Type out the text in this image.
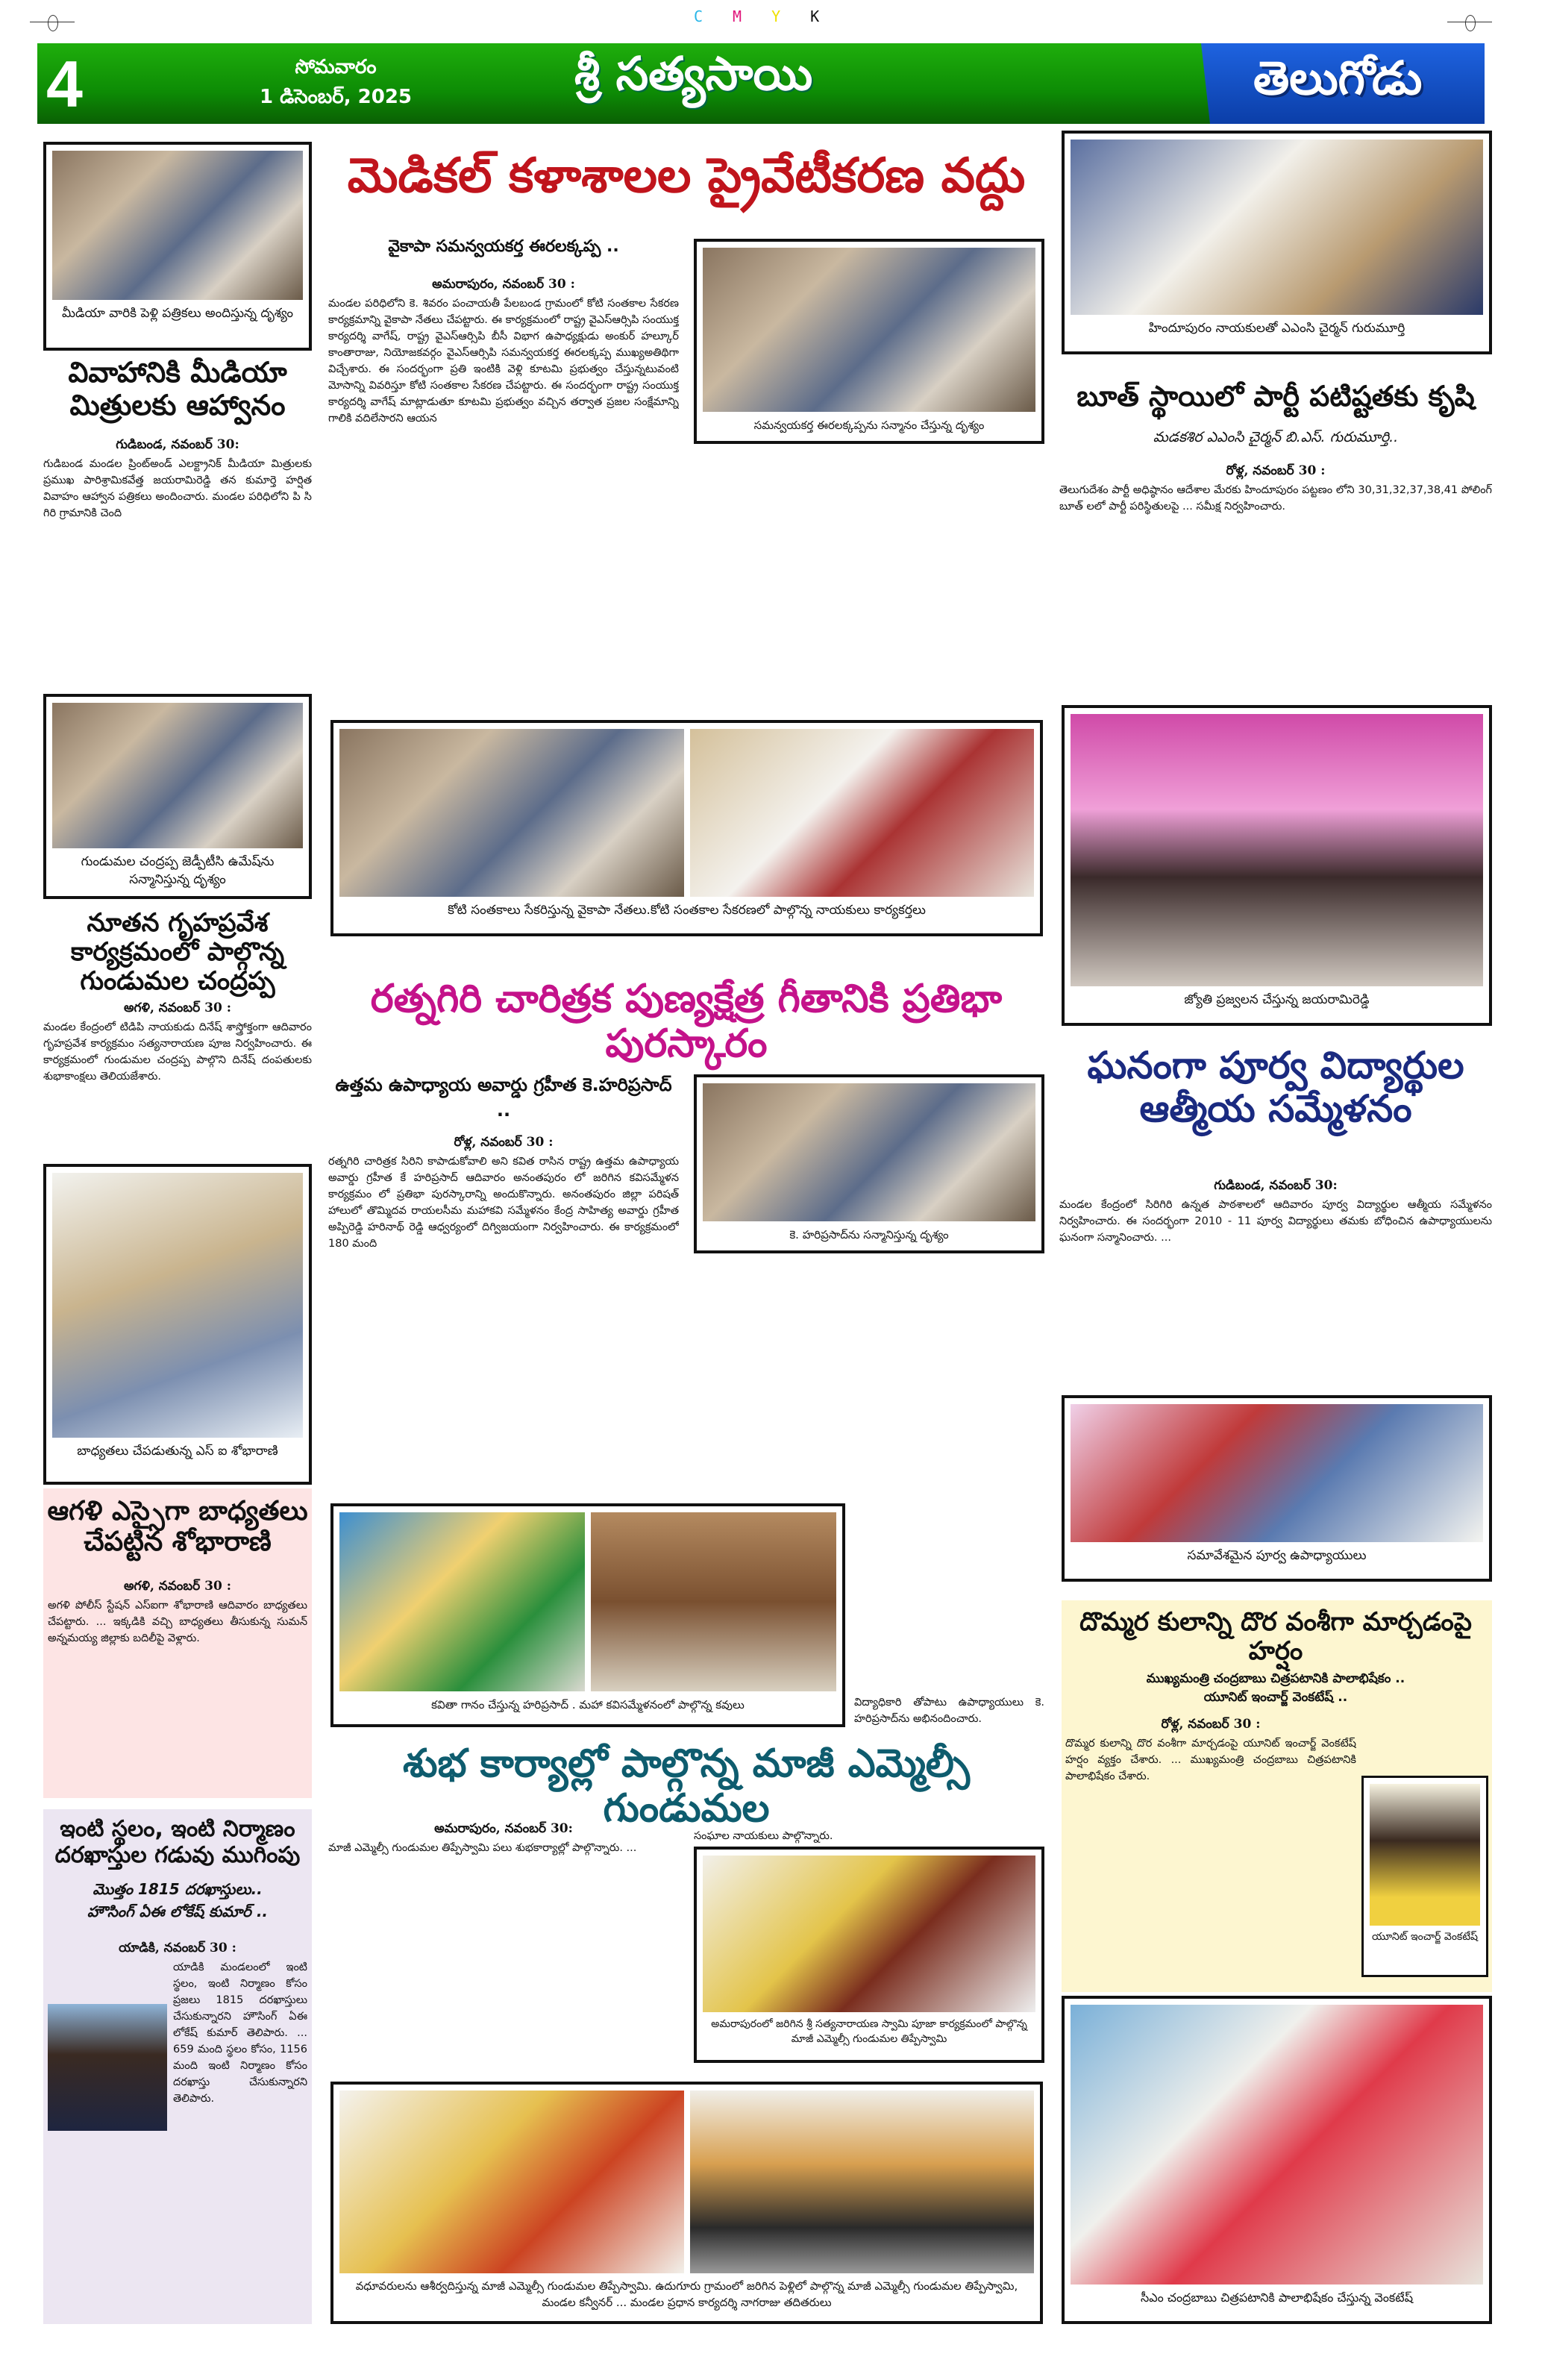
CMYK
4	సోమవారం
1 డిసెంబర్, 2025	శ్రీ సత్యసాయి	తెలుగోడు
మీడియా వారికి పెళ్లి పత్రికలు అందిస్తున్న దృశ్యం
వివాహానికి మీడియా మిత్రులకు ఆహ్వానం
గుడిబండ, నవంబర్ 30:
గుడిబండ మండల ప్రింట్అండ్ ఎలక్ట్రానిక్ మీడియా మిత్రులకు ప్రముఖ పారిశ్రామికవేత్త జయరామిరెడ్డి తన కుమార్తె హర్షిత వివాహం ఆహ్వాన పత్రికలు అందించారు. మండల పరిధిలోని పి సి గిరి గ్రామానికి చెంది
గుండుమల చంద్రప్ప జెడ్పీటీసి ఉమేష్‌ను సన్మానిస్తున్న దృశ్యం
నూతన గృహప్రవేశ కార్యక్రమంలో పాల్గొన్న గుండుమల చంద్రప్ప
అగళి, నవంబర్ 30 :
మండల కేంద్రంలో టిడిపి నాయకుడు దినేష్ శాస్త్రోక్తంగా ఆదివారం గృహప్రవేశ కార్యక్రమం సత్యనారాయణ పూజ నిర్వహించారు. ఈ కార్యక్రమంలో గుండుమల చంద్రప్ప పాల్గొని దినేష్ దంపతులకు శుభాకాంక్షలు తెలియజేశారు.
బాధ్యతలు చేపడుతున్న ఎస్ ఐ శోభారాణి
ఆగళి ఎస్సైగా బాధ్యతలు చేపట్టిన శోభారాణి
అగళి, నవంబర్ 30 :
అగళి పోలీస్ స్టేషన్ ఎస్ఐగా శోభారాణి ఆదివారం బాధ్యతలు చేపట్టారు. ... ఇక్కడికి వచ్చి బాధ్యతలు తీసుకున్న సుమన్ అన్నమయ్య జిల్లాకు బదిలీపై వెళ్లారు.
ఇంటి స్థలం, ఇంటి నిర్మాణం దరఖాస్తుల గడువు ముగింపు
మొత్తం 1815 దరఖాస్తులు..
హౌసింగ్ ఏఈ లోకేష్ కుమార్ ..
యాడికి, నవంబర్ 30 :
యాడికి మండలంలో ఇంటి స్థలం, ఇంటి నిర్మాణం కోసం ప్రజలు 1815 దరఖాస్తులు చేసుకున్నారని హౌసింగ్ ఏఈ లోకేష్ కుమార్ తెలిపారు. ... 659 మంది స్థలం కోసం, 1156 మంది ఇంటి నిర్మాణం కోసం దరఖాస్తు చేసుకున్నారని తెలిపారు.
మెడికల్ కళాశాలల ప్రైవేటీకరణ వద్దు
వైకాపా సమన్వయకర్త ఈరలక్కప్ప ..
అమరాపురం, నవంబర్ 30 :
మండల పరిధిలోని కె. శివరం పంచాయతీ పేలబండ గ్రామంలో కోటి సంతకాల సేకరణ కార్యక్రమాన్ని వైకాపా నేతలు చేపట్టారు. ఈ కార్యక్రమంలో రాష్ట్ర వైఎస్ఆర్సిపి సంయుక్త కార్యదర్శి వాగేష్, రాష్ట్ర వైఎస్ఆర్సిపి బీసీ విభాగ ఉపాధ్యక్షుడు అంకుర్ హల్కూర్ కాంతారాజు, నియోజకవర్గం వైఎస్ఆర్సిపి సమన్వయకర్త ఈరలక్కప్ప ముఖ్యఅతిథిగా విచ్చేశారు. ఈ సందర్భంగా ప్రతి ఇంటికి వెళ్లి కూటమి ప్రభుత్వం చేస్తున్నటువంటి మోసాన్ని వివరిస్తూ కోటి సంతకాల సేకరణ చేపట్టారు. ఈ సందర్భంగా రాష్ట్ర సంయుక్త కార్యదర్శి వాగేష్ మాట్లాడుతూ కూటమి ప్రభుత్వం వచ్చిన తర్వాత ప్రజల సంక్షేమాన్ని గాలికి వదిలేసారని ఆయన	సమన్వయకర్త ఈరలక్కప్పను సన్మానం చేస్తున్న దృశ్యం
కోటి సంతకాలు సేకరిస్తున్న వైకాపా నేతలు.కోటి సంతకాల సేకరణలో పాల్గొన్న నాయకులు కార్యకర్తలు
రత్నగిరి చారిత్రక పుణ్యక్షేత్ర గీతానికి ప్రతిభా పురస్కారం
ఉత్తమ ఉపాధ్యాయ అవార్డు గ్రహీత కె.హరిప్రసాద్ ..
రోళ్ల, నవంబర్ 30 :
రత్నగిరి చారిత్రక సిరిని కాపాడుకోవాలి అని కవిత రాసిన రాష్ట్ర ఉత్తమ ఉపాధ్యాయ అవార్డు గ్రహీత కే హరిప్రసాద్ ఆదివారం అనంతపురం లో జరిగిన కవిసమ్మేళన కార్యక్రమం లో ప్రతిభా పురస్కారాన్ని అందుకొన్నారు. అనంతపురం జిల్లా పరిషత్ హాలులో తొమ్మిదవ రాయలసీమ మహాకవి సమ్మేళనం కేంద్ర సాహిత్య అవార్డు గ్రహీత అప్పిరెడ్డి హరినాథ్ రెడ్డి ఆధ్వర్యంలో దిగ్విజయంగా నిర్వహించారు. ఈ కార్యక్రమంలో 180 మంది
కె. హరిప్రసాద్‌ను సన్మానిస్తున్న దృశ్యం
కవితా గానం చేస్తున్న హరిప్రసాద్ . మహా కవిసమ్మేళనంలో పాల్గొన్న కవులు	విద్యాధికారి తోపాటు ఉపాధ్యాయులు కె. హరిప్రసాద్‌ను అభినందించారు.
శుభ కార్యాల్లో పాల్గొన్న మాజీ ఎమ్మెల్సీ గుండుమల
అమరాపురం, నవంబర్ 30:
మాజీ ఎమ్మెల్సీ గుండుమల తిప్పేస్వామి పలు శుభకార్యాల్లో పాల్గొన్నారు. ...
సంఘాల నాయకులు పాల్గొన్నారు.
అమరాపురంలో జరిగిన శ్రీ సత్యనారాయణ స్వామి పూజా కార్యక్రమంలో పాల్గొన్న మాజీ ఎమ్మెల్సీ గుండుమల తిప్పేస్వామి
వధూవరులను ఆశీర్వదిస్తున్న మాజీ ఎమ్మెల్సీ గుండుమల తిప్పేస్వామి. ఉదుగూరు గ్రామంలో జరిగిన పెళ్లిలో పాల్గొన్న మాజీ ఎమ్మెల్సీ గుండుమల తిప్పేస్వామి, మండల కన్వీనర్ ... మండల ప్రధాన కార్యదర్శి నాగరాజు తదితరులు
హిందూపురం నాయకులతో ఎఎంసి చైర్మన్ గురుమూర్తి
బూత్ స్థాయిలో పార్టీ పటిష్టతకు కృషి
మడకశిర ఎఎంసి చైర్మన్ బి.ఎస్. గురుమూర్తి..
రోళ్ల, నవంబర్ 30 :
తెలుగుదేశం పార్టీ అధిష్ఠానం ఆదేశాల మేరకు హిందూపురం పట్టణం లోని 30,31,32,37,38,41 పోలింగ్ బూత్ లలో పార్టీ పరిస్థితులపై ... సమీక్ష నిర్వహించారు.
జ్యోతి ప్రజ్వలన చేస్తున్న జయరామిరెడ్డి
ఘనంగా పూర్వ విద్యార్థుల ఆత్మీయ సమ్మేళనం
గుడిబండ, నవంబర్ 30:
మండల కేంద్రంలో సిరిగిరి ఉన్నత పాఠశాలలో ఆదివారం పూర్వ విద్యార్థుల ఆత్మీయ సమ్మేళనం నిర్వహించారు. ఈ సందర్భంగా 2010 - 11 పూర్వ విద్యార్థులు తమకు బోధించిన ఉపాధ్యాయులను ఘనంగా సన్మానించారు. ...
సమావేశమైన పూర్వ ఉపాధ్యాయులు
దొమ్మర కులాన్ని దొర వంశీగా మార్చడంపై హర్షం
ముఖ్యమంత్రి చంద్రబాబు చిత్రపటానికి పాలాభిషేకం ..
యూనిట్ ఇంచార్జ్ వెంకటేష్ ..
రోళ్ల, నవంబర్ 30 :
దొమ్మర కులాన్ని దొర వంశీగా మార్చడంపై యూనిట్ ఇంచార్జ్ వెంకటేష్ హర్షం వ్యక్తం చేశారు. ... ముఖ్యమంత్రి చంద్రబాబు చిత్రపటానికి పాలాభిషేకం చేశారు.
యూనిట్ ఇంచార్జ్ వెంకటేష్
సీఎం చంద్రబాబు చిత్రపటానికి పాలాభిషేకం చేస్తున్న వెంకటేష్
